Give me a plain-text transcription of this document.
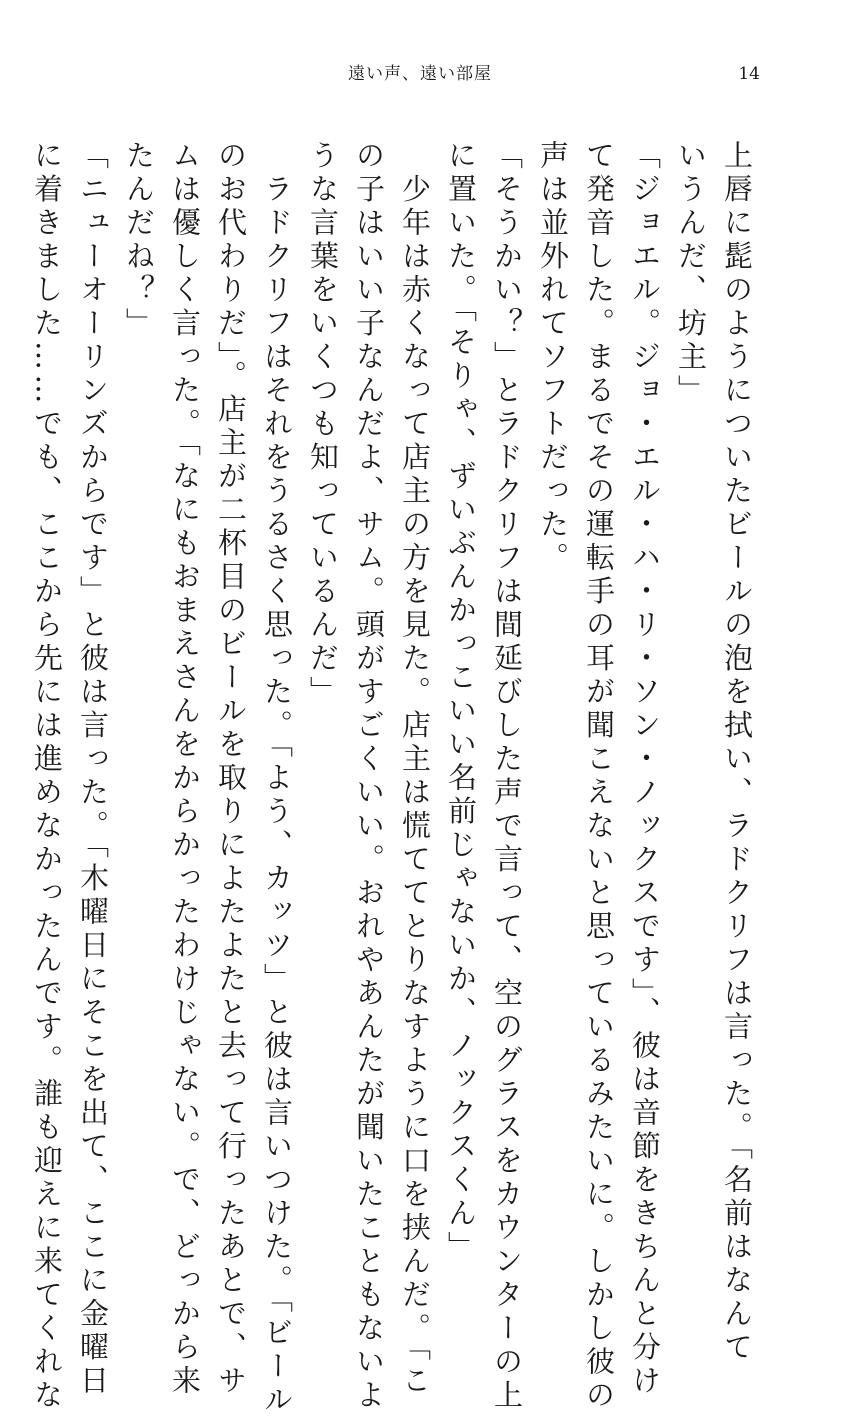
遠い声、遠い部屋	14
上唇に髭のようについたビールの泡を拭い、ラドクリフは言った。「名前はなんて
いうんだ、坊主」
「ジョエル。ジョ・エル・ハ・リ・ソン・ノックスです」、彼は音節をきちんと分け
て発音した。まるでその運転手の耳が聞こえないと思っているみたいに。しかし彼の
声は並外れてソフトだった。
「そうかい？」とラドクリフは間延びした声で言って、空のグラスをカウンターの上
に置いた。「そりゃ、ずいぶんかっこいい名前じゃないか、ノックスくん」
　少年は赤くなって店主の方を見た。店主は慌ててとりなすように口を挟んだ。「こ
の子はいい子なんだよ、サム。頭がすごくいい。おれやあんたが聞いたこともないよ
うな言葉をいくつも知っているんだ」
　ラドクリフはそれをうるさく思った。「よう、カッツ」と彼は言いつけた。「ビール
のお代わりだ」。店主が二杯目のビールを取りによたよたと去って行ったあとで、サ
ムは優しく言った。「なにもおまえさんをからかったわけじゃない。で、どっから来
たんだね？」
「ニューオーリンズからです」と彼は言った。「木曜日にそこを出て、ここに金曜日
に着きました……でも、ここから先には進めなかったんです。誰も迎えに来てくれな
